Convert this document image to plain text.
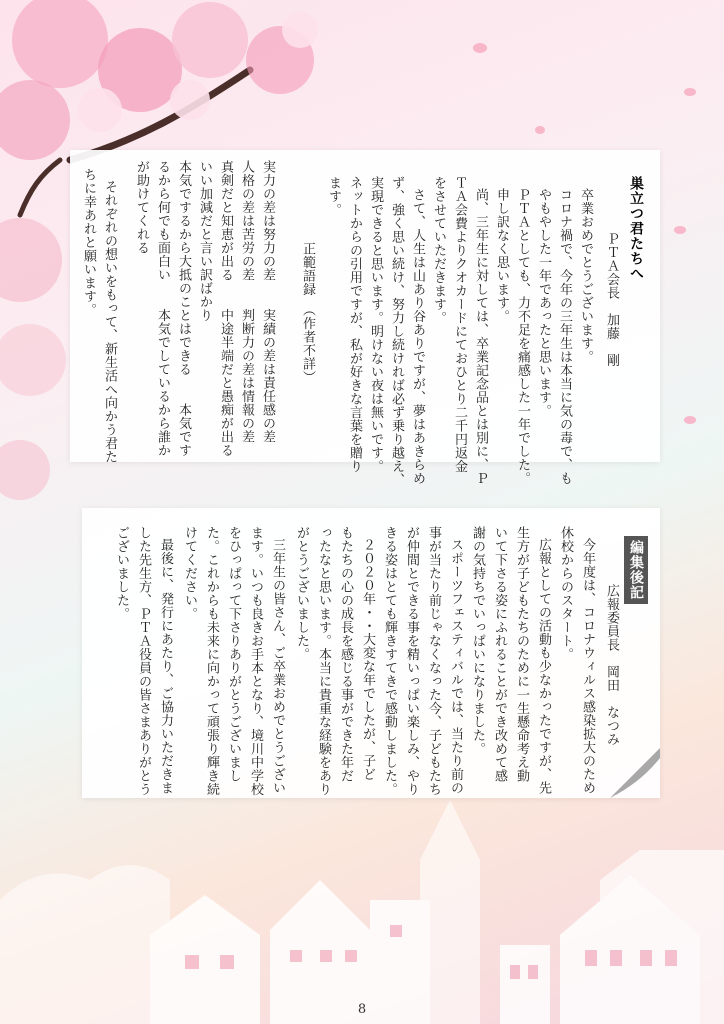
巣立つ君たちへ
ＰＴＡ会長　加藤　剛
卒業おめでとうございます。
コロナ禍で、今年の三年生は本当に気の毒で、も
やもやした一年であったと思います。
ＰＴＡとしても、力不足を痛感した一年でした。
申し訳なく思います。
尚、三年生に対しては、卒業記念品とは別に、Ｐ
ＴＡ会費よりクオカードにておひとり二千円返金
をさせていただきます。
さて、人生は山あり谷ありですが、夢はあきらめ
ず、強く思い続け、努力し続ければ必ず乗り越え、
実現できると思います。明けない夜は無いです。
ネットからの引用ですが、私が好きな言葉を贈り
ます。
正範語録　（作者不詳）
実力の差は努力の差　　実績の差は責任感の差
人格の差は苦労の差　　判断力の差は情報の差
真剣だと知恵が出る　　中途半端だと愚痴が出る
いい加減だと言い訳ばかり
本気でするから大抵のことはできる　　本気です
るから何でも面白い　　本気でしているから誰か
が助けてくれる
それぞれの想いをもって、新生活へ向かう君た
ちに幸あれと願います。
編集後記
広報委員長　岡田　なつみ
今年度は、コロナウィルス感染拡大のため
休校からのスタート。
広報としての活動も少なかったですが、先
生方が子どもたちのために一生懸命考え動
いて下さる姿にふれることができ改めて感
謝の気持ちでいっぱいになりました。
スポーツフェスティバルでは、当たり前の
事が当たり前じゃなくなった今、子どもたち
が仲間とできる事を精いっぱい楽しみ、やり
きる姿はとても輝きすてきで感動しました。
２０２０年・・大変な年でしたが、子ど
もたちの心の成長を感じる事ができた年だ
ったなと思います。本当に貴重な経験をあり
がとうございました。
三年生の皆さん、ご卒業おめでとうござい
ます。いつも良きお手本となり、境川中学校
をひっぱって下さりありがとうございまし
た。これからも未来に向かって頑張り輝き続
けてください。
最後に、発行にあたり、ご協力いただきま
した先生方、ＰＴＡ役員の皆さまありがとう
ございました。
8
